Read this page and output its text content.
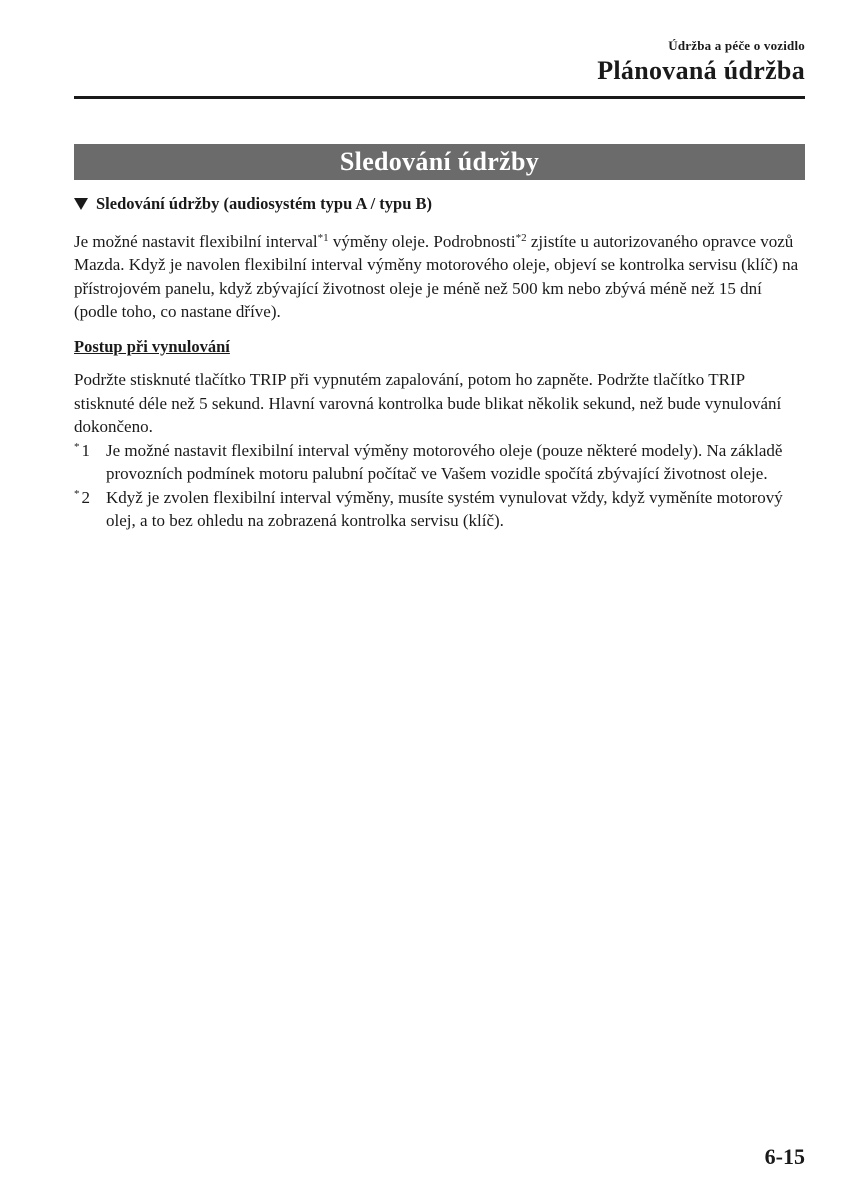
Údržba a péče o vozidlo
Plánovaná údržba
Sledování údržby
Sledování údržby (audiosystém typu A / typu B)

Je možné nastavit flexibilní interval$^{*1}$ výměny oleje. Podrobnosti$^{*2}$ zjistíte u autorizovaného opravce vozů Mazda. Když je navolen flexibilní interval výměny motorového oleje, objeví se kontrolka servisu (klíč) na přístrojovém panelu, když zbývající životnost oleje je méně než 500 km nebo zbývá méně než 15 dní (podle toho, co nastane dříve).

Postup při vynulování

Podržte stisknuté tlačítko TRIP při vypnutém zapalování, potom ho zapněte. Podržte tlačítko TRIP stisknuté déle než 5 sekund. Hlavní varovná kontrolka bude blikat několik sekund, než bude vynulování dokončeno.

* 1 Je možné nastavit flexibilní interval výměny motorového oleje (pouze některé modely). Na základě provozních podmínek motoru palubní počítač ve Vašem vozidle spočítá zbývající životnost oleje.
* 2 Když je zvolen flexibilní interval výměny, musíte systém vynulovat vždy, když vyměníte motorový olej, a to bez ohledu na zobrazená kontrolka servisu (klíč).
6-15
